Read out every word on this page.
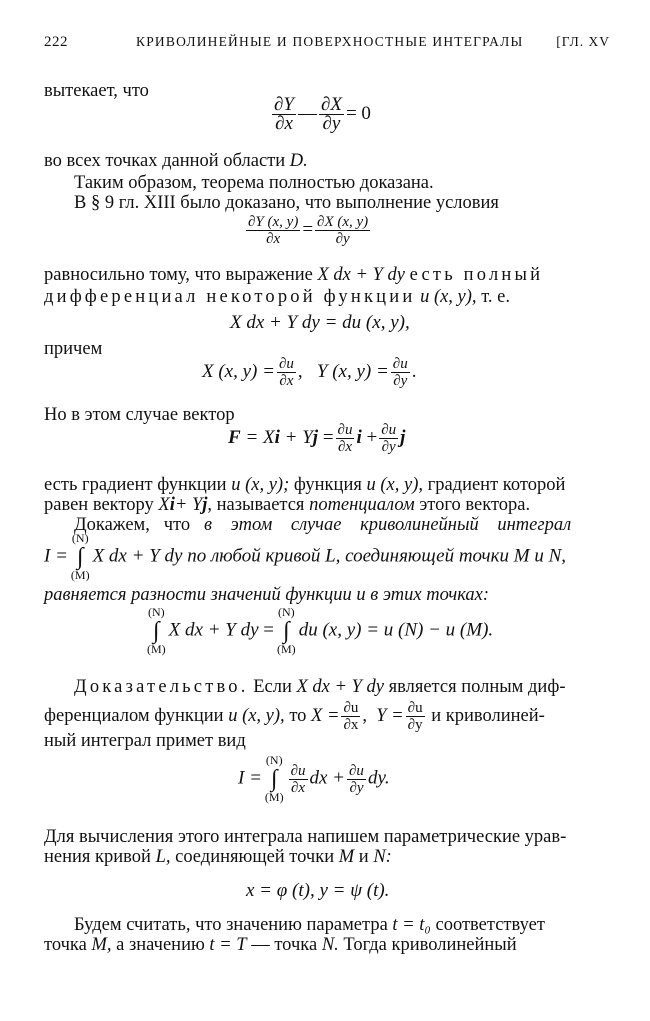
222	КРИВОЛИНЕЙНЫЕ И ПОВЕРХНОСТНЫЕ ИНТЕГРАЛЫ [ГЛ. XV
вытекает, что
$\frac{\partial Y}{\partial x}$ — $\frac{\partial X}{\partial y} = 0$
во всех точках данной области D.
Таким образом, теорема полностью доказана.
В § 9 гл. XIII было доказано, что выполнение условия
$\frac{\partial Y (x, y)}{\partial x} = \frac{\partial X (x, y)}{\partial y}$
равносильно тому, что выражение X dx + Y dy есть полный
дифференциал некоторой функции u (x, y), т. е.
X dx + Y dy = du (x, y),
причем
X (x, $y) = \frac{\partial u}{\partial x}$ , Y (x, $y) = \frac{\partial u}{\partial y}$ .
Но в этом случае вектор
$F = Xi + Yj = \frac{\partial u}{\partial x}$ $i + \frac{\partial u}{\partial y}$ j
есть градиент функции u (x, y); функция u (x, y), градиент которой
равен вектору Xi+ Yj, называется потенциалом этого вектора.
Докажем, что в этом случае криволинейный интеграл
I =
(N)
∫
(M)
X dx + Y dy по любой кривой L, соединяющей точки M и N,
равняется разности значений функции u в этих точках:
(N)
∫
(M)
X dx + Y dy =
(N)
∫
(M)
du (x, y) = u (N) − u (M).
Доказательство. Если X dx + Y dy является полным диф-
ференциалом функции u (x, y), то $X = \frac{\partial u}{\partial x}$ , $Y = \frac{\partial u}{\partial y}$ и криволиней-
ный интеграл примет вид
I =
(N)
∫
(M)
$\frac{\partial u}{\partial x}$ dx + $\frac{\partial u}{\partial y}$ dy.
Для вычисления этого интеграла напишем параметрические урав-
нения кривой L, соединяющей точки M и N:
x = φ (t), y = ψ (t).
Будем считать, что значению параметра t = t₀ соответствует
точка M, а значению t = T — точка N. Тогда криволинейный
